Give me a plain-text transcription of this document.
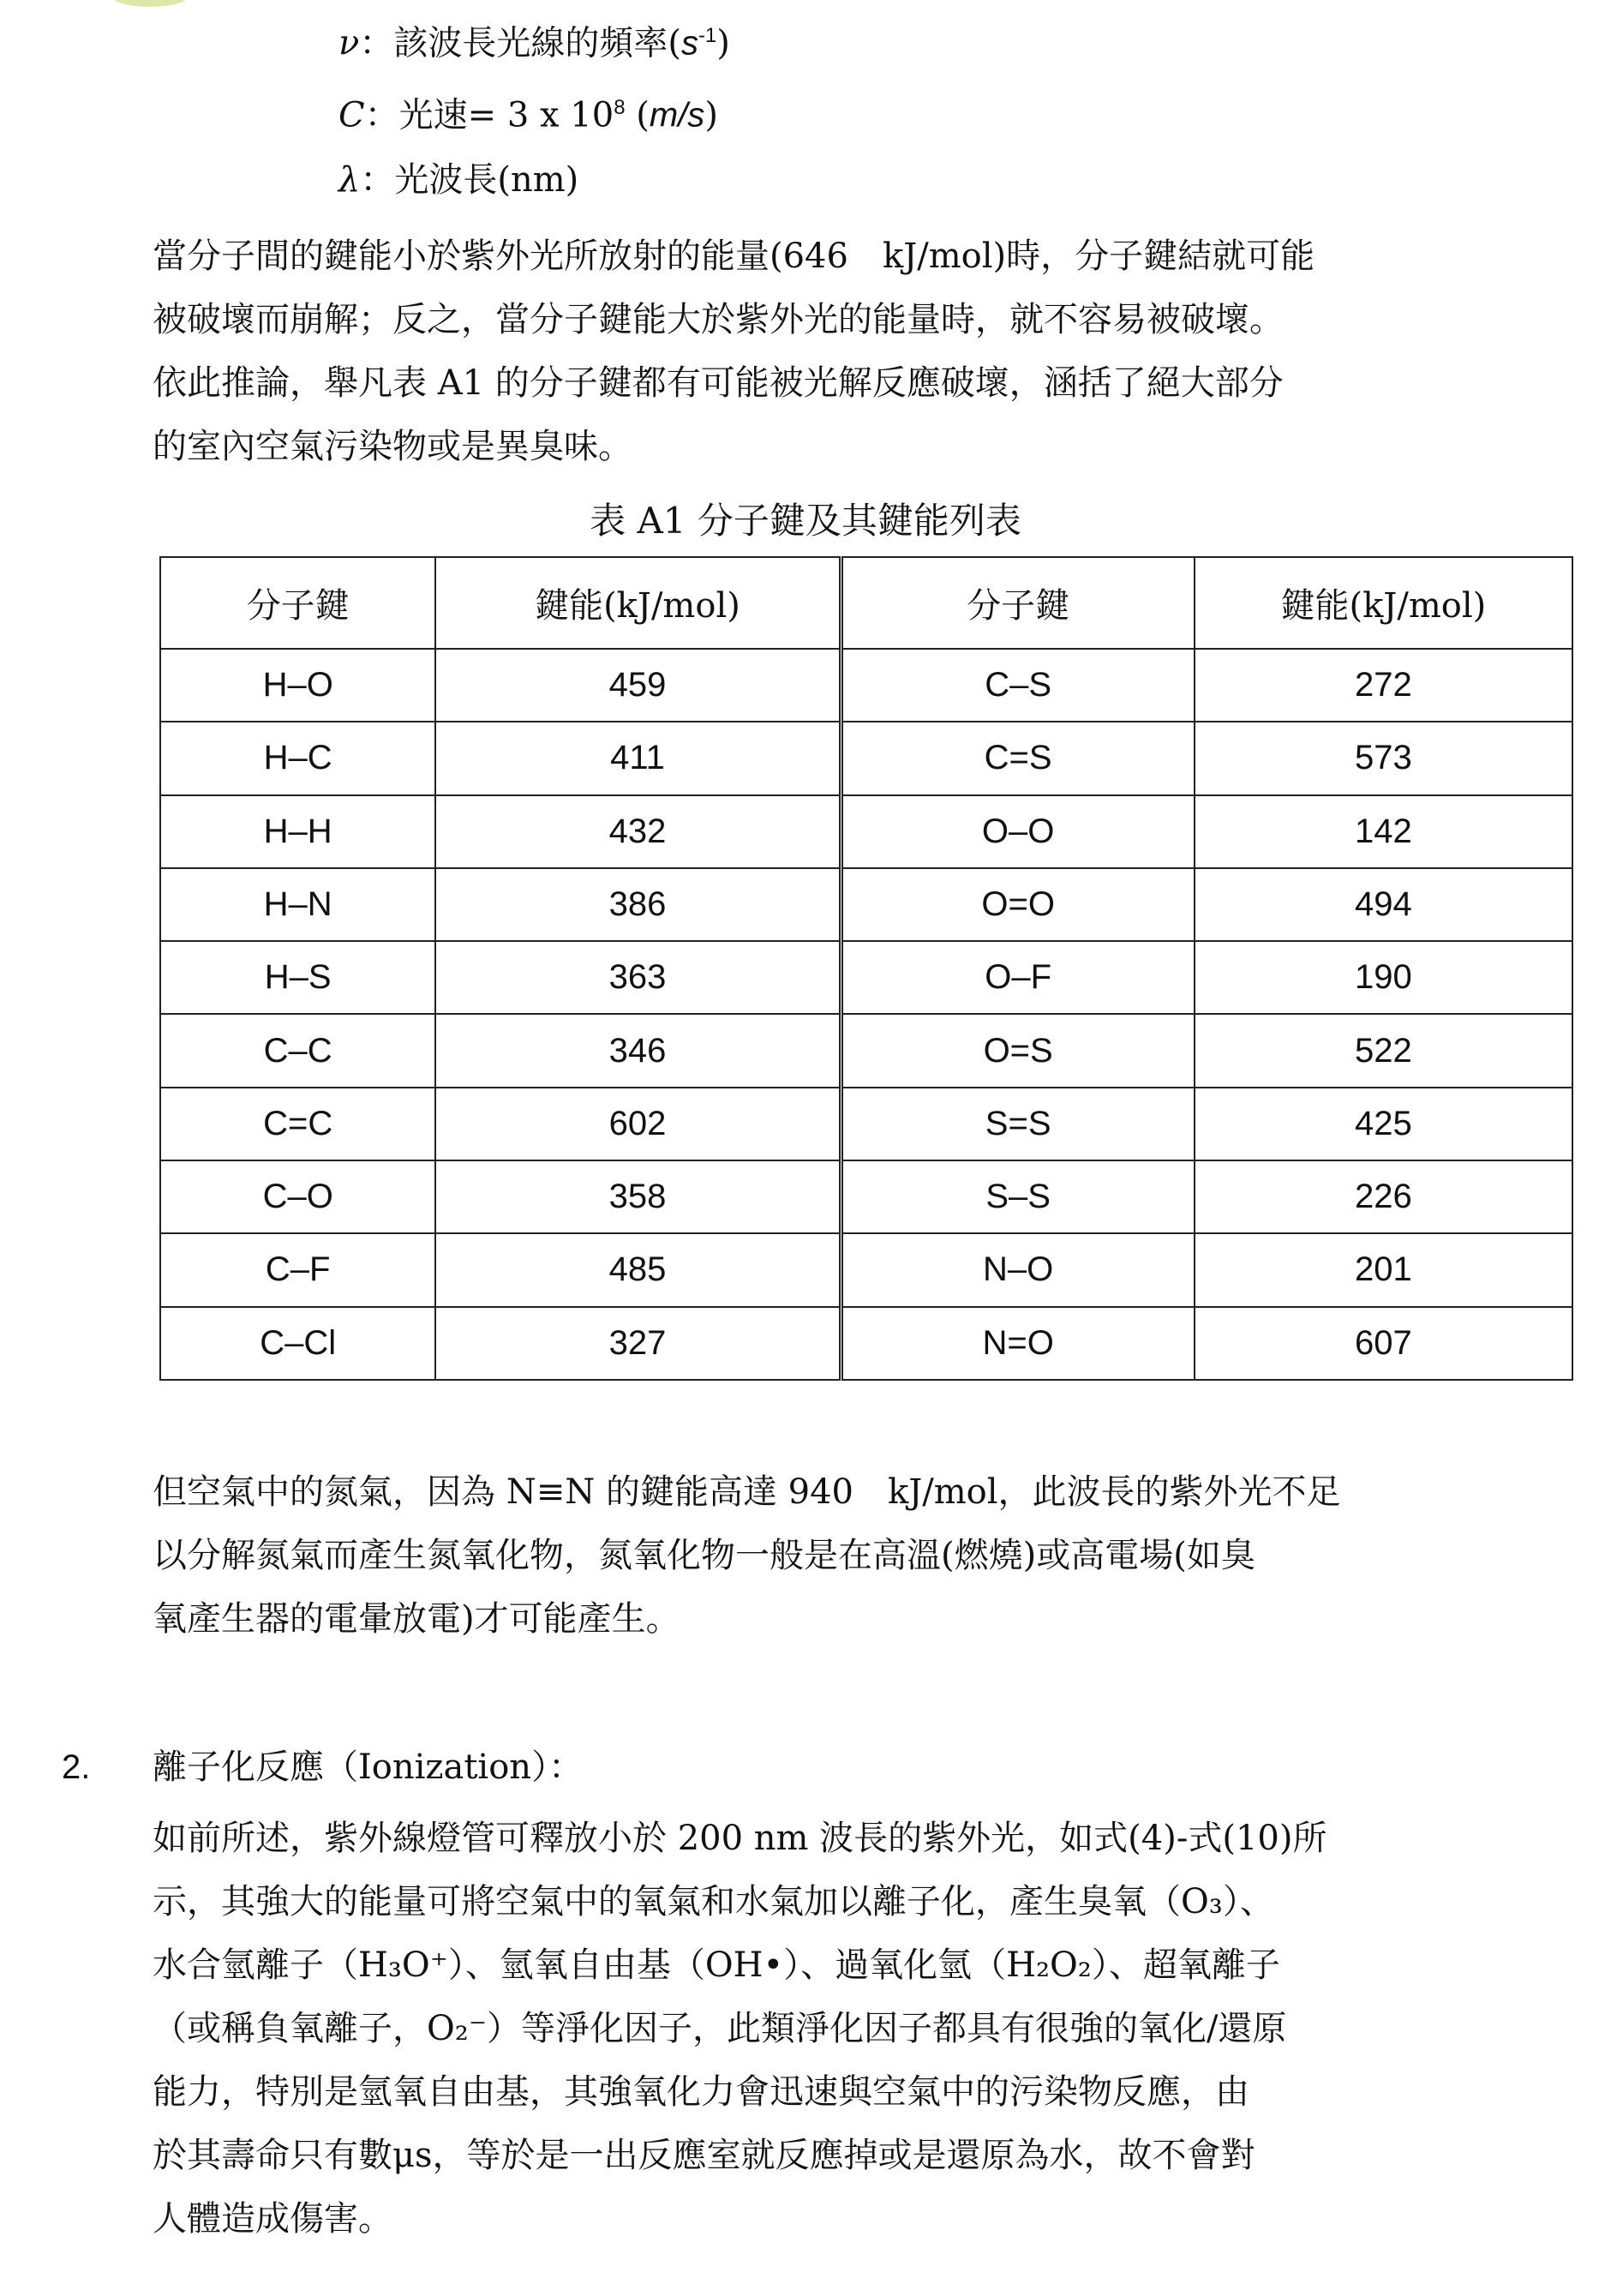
ν：該波長光線的頻率$(s^{-1})$
C：光速= 3 x $10^8$ (m/s)
λ：光波長(nm)
當分子間的鍵能小於紫外光所放射的能量(646　kJ/mol)時，分子鍵結就可能
被破壞而崩解；反之，當分子鍵能大於紫外光的能量時，就不容易被破壞。
依此推論，舉凡表 A1 的分子鍵都有可能被光解反應破壞，涵括了絕大部分
的室內空氣污染物或是異臭味。
表 A1 分子鍵及其鍵能列表
分子鍵	鍵能(kJ/mol)	分子鍵	鍵能(kJ/mol)
H–O	459	C–S	272
H–C	411	C=S	573
H–H	432	O–O	142
H–N	386	O=O	494
H–S	363	O–F	190
C–C	346	O=S	522
C=C	602	S=S	425
C–O	358	S–S	226
C–F	485	N–O	201
C–Cl	327	N=O	607
但空氣中的氮氣，因為 N≡N 的鍵能高達 940　kJ/mol，此波長的紫外光不足
以分解氮氣而產生氮氧化物，氮氧化物一般是在高溫(燃燒)或高電場(如臭
氧產生器的電暈放電)才可能產生。
2. 離子化反應（Ionization）：
如前所述，紫外線燈管可釋放小於 200 nm 波長的紫外光，如式(4)-式(10)所
示，其強大的能量可將空氣中的氧氣和水氣加以離子化，產生臭氧（O₃）、
水合氫離子（H₃O⁺）、氫氧自由基（OH•）、過氧化氫（H₂O₂）、超氧離子
（或稱負氧離子，O₂⁻）等淨化因子，此類淨化因子都具有很強的氧化/還原
能力，特別是氫氧自由基，其強氧化力會迅速與空氣中的污染物反應，由
於其壽命只有數μs，等於是一出反應室就反應掉或是還原為水，故不會對
人體造成傷害。
